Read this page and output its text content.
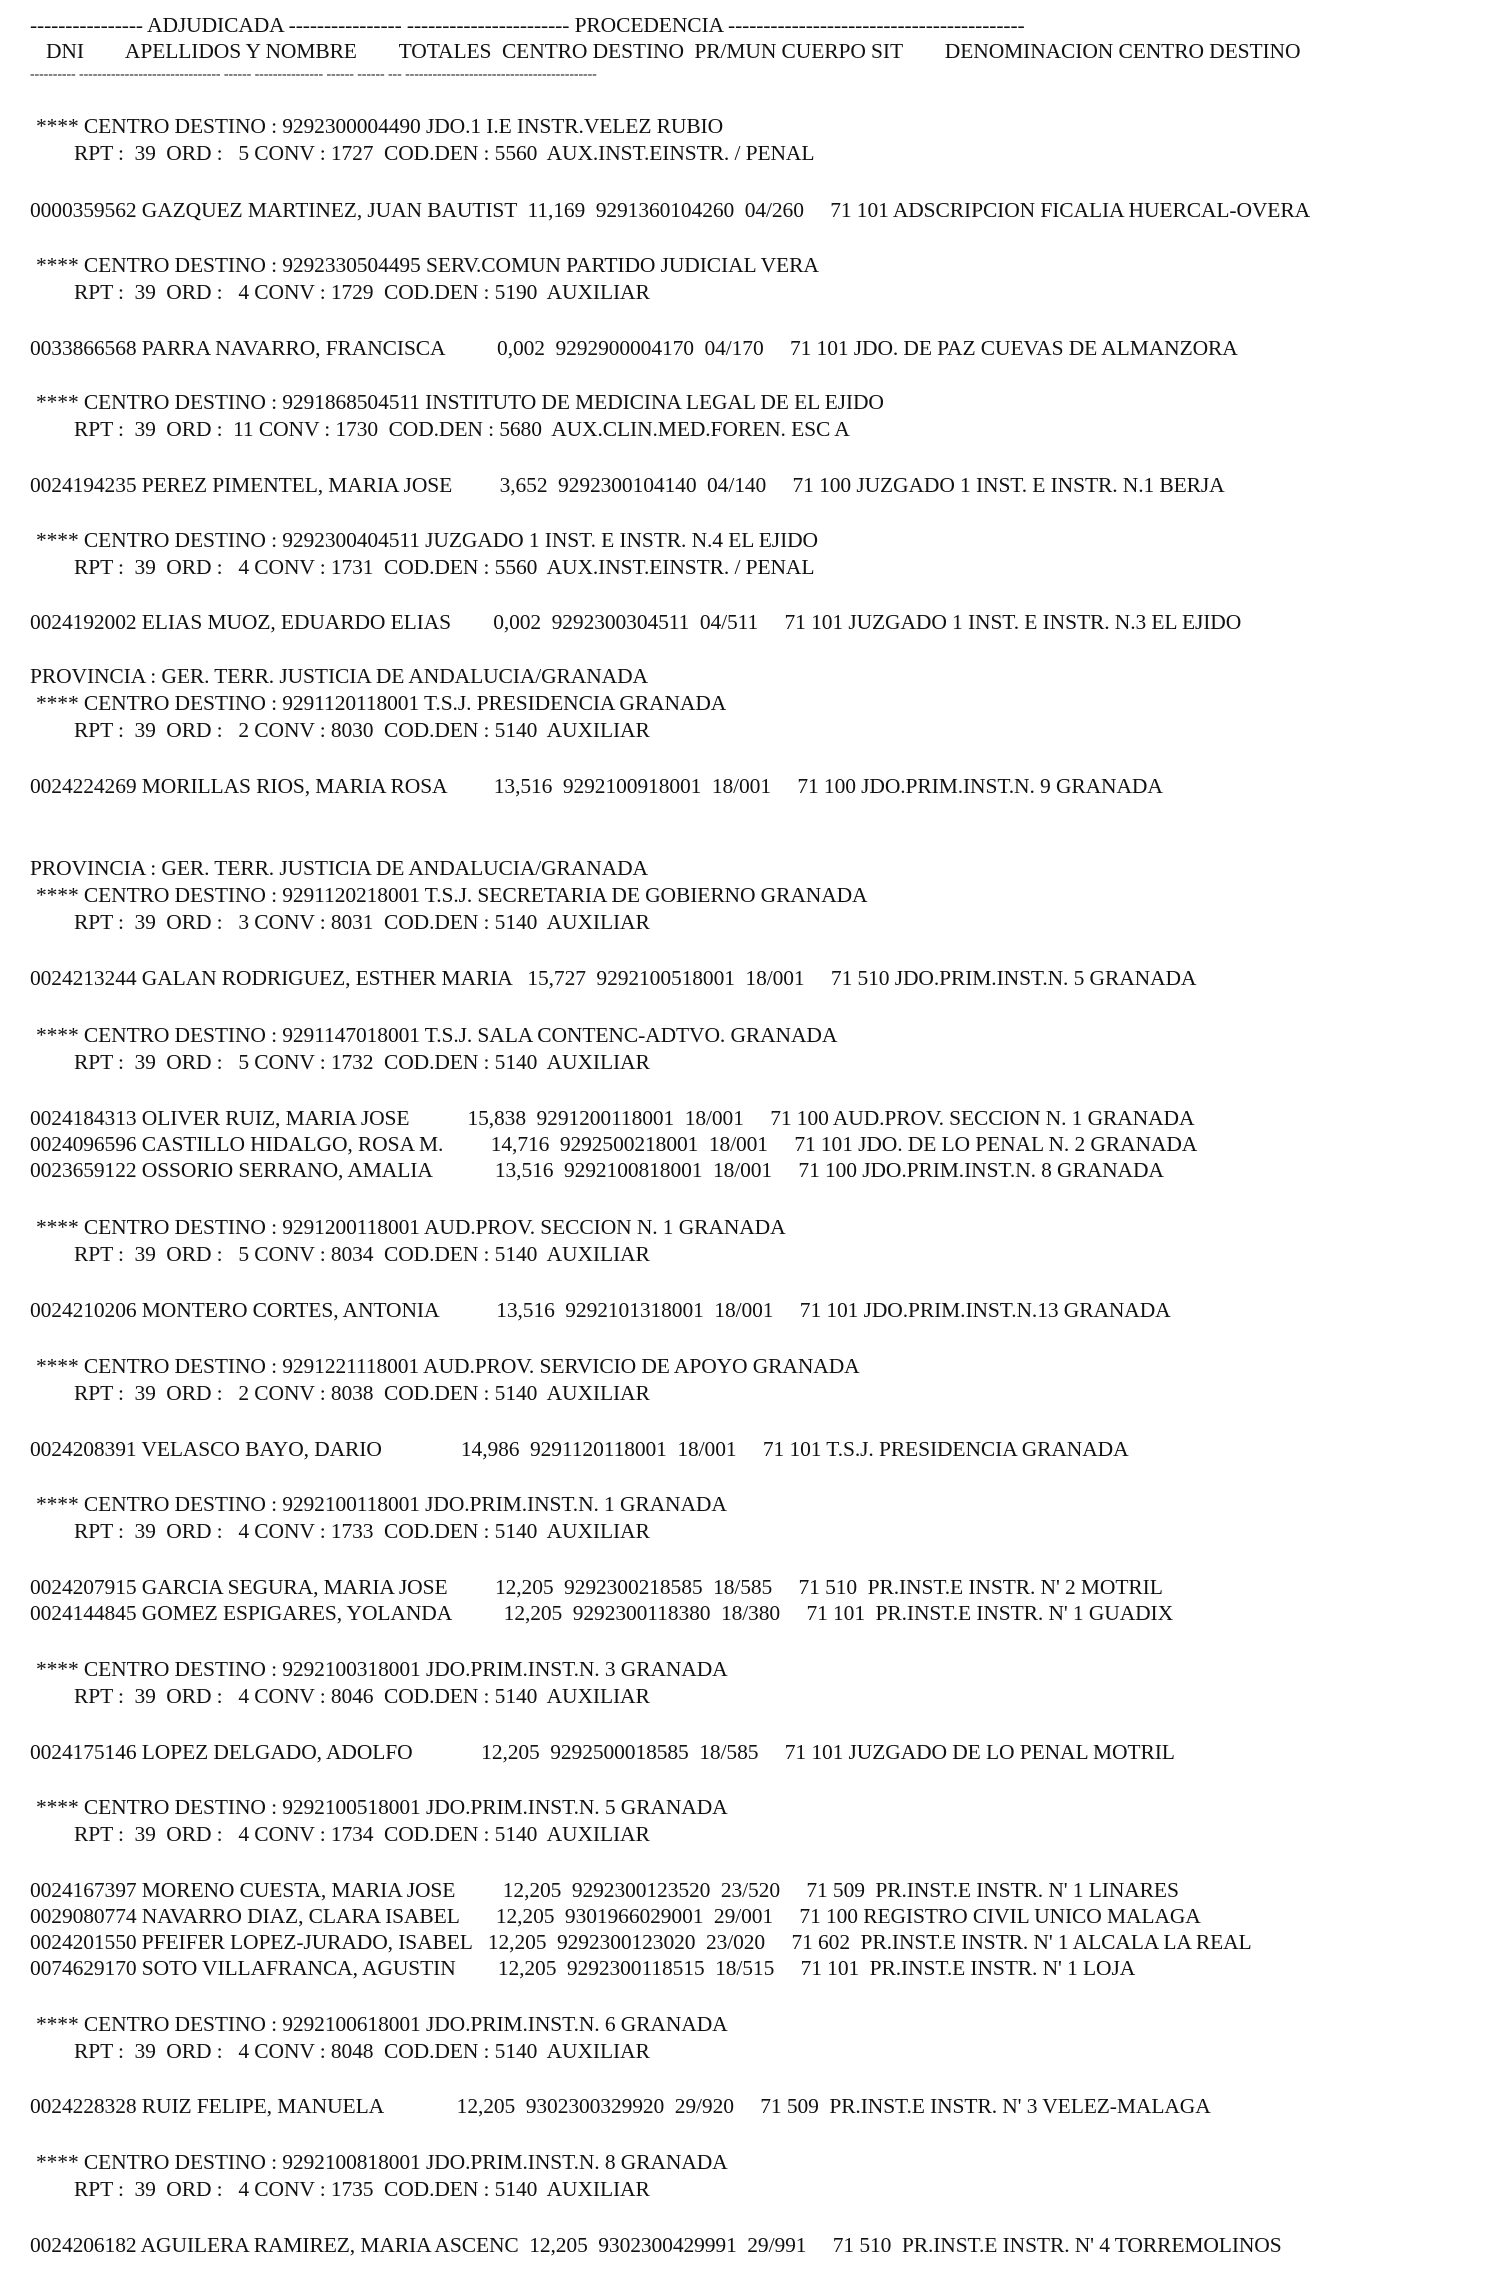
---------------- ADJUDICADA ---------------- ----------------------- PROCEDENCIA ------------------------------------------
DNI        APELLIDOS Y NOMBRE        TOTALES  CENTRO DESTINO  PR/MUN CUERPO SIT        DENOMINACION CENTRO DESTINO
---------- ------------------------------- ------ --------------- ------ ------ --- ------------------------------------------
**** CENTRO DESTINO : 9292300004490 JDO.1 I.E INSTR.VELEZ RUBIO
RPT :  39  ORD :   5 CONV : 1727  COD.DEN : 5560  AUX.INST.EINSTR. / PENAL
0000359562 GAZQUEZ MARTINEZ, JUAN BAUTIST  11,169  9291360104260  04/260     71 101 ADSCRIPCION FICALIA HUERCAL-OVERA
**** CENTRO DESTINO : 9292330504495 SERV.COMUN PARTIDO JUDICIAL VERA
RPT :  39  ORD :   4 CONV : 1729  COD.DEN : 5190  AUXILIAR
0033866568 PARRA NAVARRO, FRANCISCA          0,002  9292900004170  04/170     71 101 JDO. DE PAZ CUEVAS DE ALMANZORA
**** CENTRO DESTINO : 9291868504511 INSTITUTO DE MEDICINA LEGAL DE EL EJIDO
RPT :  39  ORD :  11 CONV : 1730  COD.DEN : 5680  AUX.CLIN.MED.FOREN. ESC A
0024194235 PEREZ PIMENTEL, MARIA JOSE         3,652  9292300104140  04/140     71 100 JUZGADO 1 INST. E INSTR. N.1 BERJA
**** CENTRO DESTINO : 9292300404511 JUZGADO 1 INST. E INSTR. N.4 EL EJIDO
RPT :  39  ORD :   4 CONV : 1731  COD.DEN : 5560  AUX.INST.EINSTR. / PENAL
0024192002 ELIAS MUOZ, EDUARDO ELIAS        0,002  9292300304511  04/511     71 101 JUZGADO 1 INST. E INSTR. N.3 EL EJIDO
PROVINCIA : GER. TERR. JUSTICIA DE ANDALUCIA/GRANADA
**** CENTRO DESTINO : 9291120118001 T.S.J. PRESIDENCIA GRANADA
RPT :  39  ORD :   2 CONV : 8030  COD.DEN : 5140  AUXILIAR
0024224269 MORILLAS RIOS, MARIA ROSA         13,516  9292100918001  18/001     71 100 JDO.PRIM.INST.N. 9 GRANADA
PROVINCIA : GER. TERR. JUSTICIA DE ANDALUCIA/GRANADA
**** CENTRO DESTINO : 9291120218001 T.S.J. SECRETARIA DE GOBIERNO GRANADA
RPT :  39  ORD :   3 CONV : 8031  COD.DEN : 5140  AUXILIAR
0024213244 GALAN RODRIGUEZ, ESTHER MARIA   15,727  9292100518001  18/001     71 510 JDO.PRIM.INST.N. 5 GRANADA
**** CENTRO DESTINO : 9291147018001 T.S.J. SALA CONTENC-ADTVO. GRANADA
RPT :  39  ORD :   5 CONV : 1732  COD.DEN : 5140  AUXILIAR
0024184313 OLIVER RUIZ, MARIA JOSE           15,838  9291200118001  18/001     71 100 AUD.PROV. SECCION N. 1 GRANADA
0024096596 CASTILLO HIDALGO, ROSA M.         14,716  9292500218001  18/001     71 101 JDO. DE LO PENAL N. 2 GRANADA
0023659122 OSSORIO SERRANO, AMALIA            13,516  9292100818001  18/001     71 100 JDO.PRIM.INST.N. 8 GRANADA
**** CENTRO DESTINO : 9291200118001 AUD.PROV. SECCION N. 1 GRANADA
RPT :  39  ORD :   5 CONV : 8034  COD.DEN : 5140  AUXILIAR
0024210206 MONTERO CORTES, ANTONIA           13,516  9292101318001  18/001     71 101 JDO.PRIM.INST.N.13 GRANADA
**** CENTRO DESTINO : 9291221118001 AUD.PROV. SERVICIO DE APOYO GRANADA
RPT :  39  ORD :   2 CONV : 8038  COD.DEN : 5140  AUXILIAR
0024208391 VELASCO BAYO, DARIO               14,986  9291120118001  18/001     71 101 T.S.J. PRESIDENCIA GRANADA
**** CENTRO DESTINO : 9292100118001 JDO.PRIM.INST.N. 1 GRANADA
RPT :  39  ORD :   4 CONV : 1733  COD.DEN : 5140  AUXILIAR
0024207915 GARCIA SEGURA, MARIA JOSE         12,205  9292300218585  18/585     71 510  PR.INST.E INSTR. N' 2 MOTRIL
0024144845 GOMEZ ESPIGARES, YOLANDA          12,205  9292300118380  18/380     71 101  PR.INST.E INSTR. N' 1 GUADIX
**** CENTRO DESTINO : 9292100318001 JDO.PRIM.INST.N. 3 GRANADA
RPT :  39  ORD :   4 CONV : 8046  COD.DEN : 5140  AUXILIAR
0024175146 LOPEZ DELGADO, ADOLFO             12,205  9292500018585  18/585     71 101 JUZGADO DE LO PENAL MOTRIL
**** CENTRO DESTINO : 9292100518001 JDO.PRIM.INST.N. 5 GRANADA
RPT :  39  ORD :   4 CONV : 1734  COD.DEN : 5140  AUXILIAR
0024167397 MORENO CUESTA, MARIA JOSE         12,205  9292300123520  23/520     71 509  PR.INST.E INSTR. N' 1 LINARES
0029080774 NAVARRO DIAZ, CLARA ISABEL       12,205  9301966029001  29/001     71 100 REGISTRO CIVIL UNICO MALAGA
0024201550 PFEIFER LOPEZ-JURADO, ISABEL   12,205  9292300123020  23/020     71 602  PR.INST.E INSTR. N' 1 ALCALA LA REAL
0074629170 SOTO VILLAFRANCA, AGUSTIN        12,205  9292300118515  18/515     71 101  PR.INST.E INSTR. N' 1 LOJA
**** CENTRO DESTINO : 9292100618001 JDO.PRIM.INST.N. 6 GRANADA
RPT :  39  ORD :   4 CONV : 8048  COD.DEN : 5140  AUXILIAR
0024228328 RUIZ FELIPE, MANUELA              12,205  9302300329920  29/920     71 509  PR.INST.E INSTR. N' 3 VELEZ-MALAGA
**** CENTRO DESTINO : 9292100818001 JDO.PRIM.INST.N. 8 GRANADA
RPT :  39  ORD :   4 CONV : 1735  COD.DEN : 5140  AUXILIAR
0024206182 AGUILERA RAMIREZ, MARIA ASCENC  12,205  9302300429991  29/991     71 510  PR.INST.E INSTR. N' 4 TORREMOLINOS
